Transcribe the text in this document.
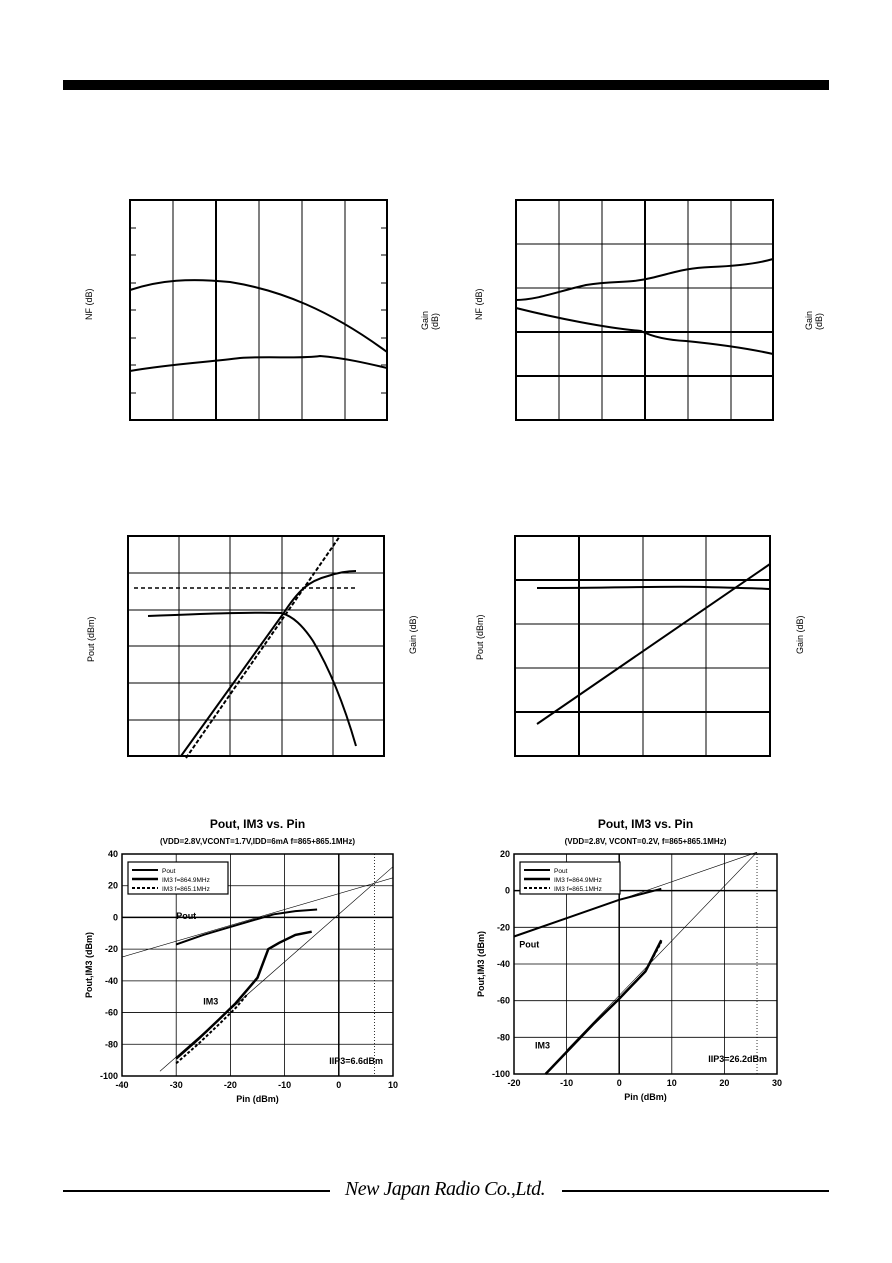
NF (dB)
Gain (dB)
NF (dB)
Gain (dB)
Pout (dBm)	Gain (dB)	Pout (dBm)	Gain (dB)
Pout, IM3 vs. Pin
(VDD=2.8V,VCONT=1.7V,IDD=6mA f=865+865.1MHz)
-40	-30	-20	-10	0	10
40
20
0
-20
-40
-60
-80
-100
Pin (dBm)
Pout,IM3 (dBm)
Pout
IM3 f=864.9MHz
IM3 f=865.1MHz
Pout
IM3
IIP3=6.6dBm
Pout, IM3 vs. Pin
(VDD=2.8V, VCONT=0.2V, f=865+865.1MHz)
-20	-10	0	10	20	30
20
0
-20
-40
-60
-80
-100
Pin (dBm)
Pout,IM3 (dBm)
Pout
IM3 f=864.9MHz
IM3 f=865.1MHz
Pout
IM3
IIP3=26.2dBm
New Japan Radio Co.,Ltd.
